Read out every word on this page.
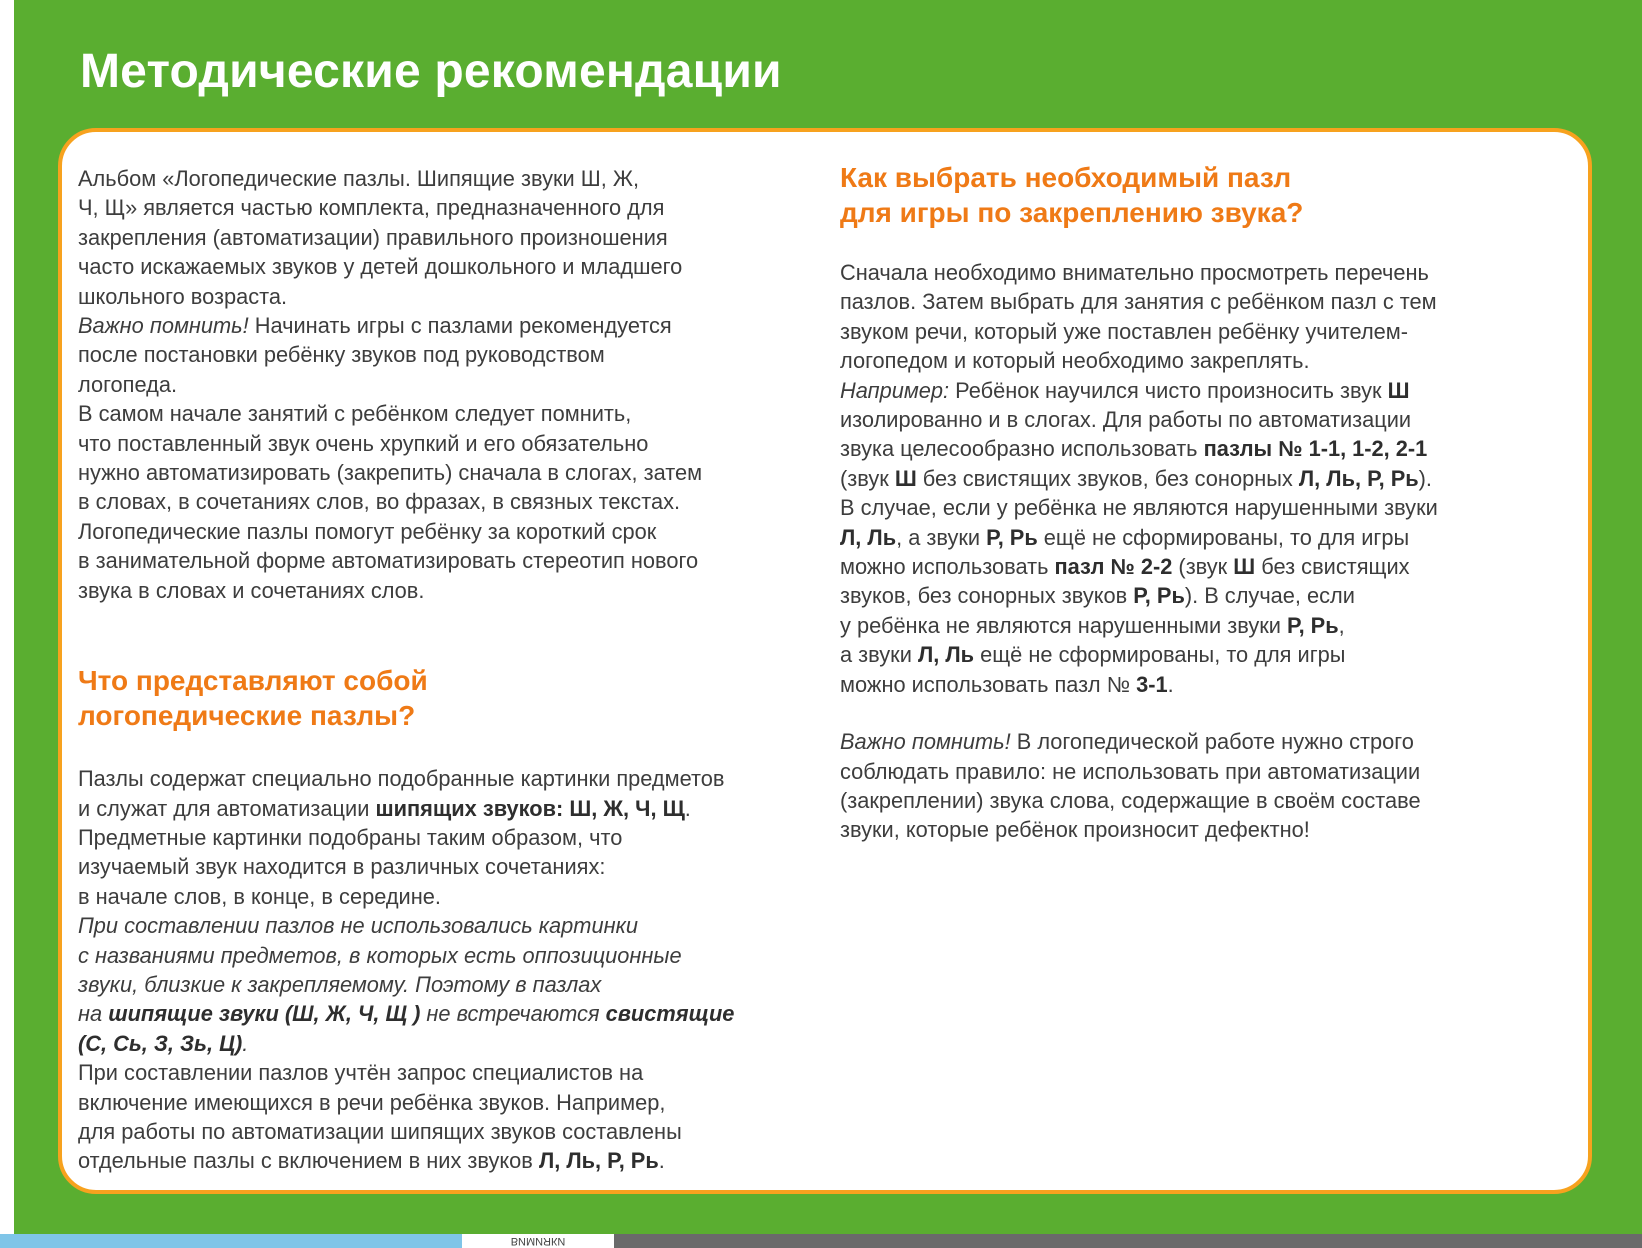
Методические рекомендации

Альбом «Логопедические пазлы. Шипящие звуки Ш, Ж,
Ч, Щ» является частью комплекта, предназначенного для
закрепления (автоматизации) правильного произношения
часто искажаемых звуков у детей дошкольного и младшего
школьного возраста.

Важно помнить! Начинать игры с пазлами рекомендуется
после постановки ребёнку звуков под руководством
логопеда.

В самом начале занятий с ребёнком следует помнить,
что поставленный звук очень хрупкий и его обязательно
нужно автоматизировать (закрепить) сначала в слогах, затем
в словах, в сочетаниях слов, во фразах, в связных текстах.
Логопедические пазлы помогут ребёнку за короткий срок
в занимательной форме автоматизировать стереотип нового
звука в словах и сочетаниях слов.

Что представляют собой
логопедические пазлы?

Пазлы содержат специально подобранные картинки предметов
и служат для автоматизации шипящих звуков: Ш, Ж, Ч, Щ.
Предметные картинки подобраны таким образом, что
изучаемый звук находится в различных сочетаниях:
в начале слов, в конце, в середине.

При составлении пазлов не использовались картинки
с названиями предметов, в которых есть оппозиционные
звуки, близкие к закрепляемому. Поэтому в пазлах
на шипящие звуки (Ш, Ж, Ч, Щ ) не встречаются свистящие
(С, Сь, З, Зь, Ц).

При составлении пазлов учтён запрос специалистов на
включение имеющихся в речи ребёнка звуков. Например,
для работы по автоматизации шипящих звуков составлены
отдельные пазлы с включением в них звуков Л, Ль, Р, Рь.

Как выбрать необходимый пазл
для игры по закреплению звука?

Сначала необходимо внимательно просмотреть перечень
пазлов. Затем выбрать для занятия с ребёнком пазл с тем
звуком речи, который уже поставлен ребёнку учителем-
логопедом и который необходимо закреплять.

Например: Ребёнок научился чисто произносить звук Ш
изолированно и в слогах. Для работы по автоматизации
звука целесообразно использовать пазлы № 1-1, 1-2, 2-1
(звук Ш без свистящих звуков, без сонорных Л, Ль, Р, Рь).
В случае, если у ребёнка не являются нарушенными звуки
Л, Ль, а звуки Р, Рь ещё не сформированы, то для игры
можно использовать пазл № 2-2 (звук Ш без свистящих
звуков, без сонорных звуков Р, Рь). В случае, если
у ребёнка не являются нарушенными звуки Р, Рь,
а звуки Л, Ль ещё не сформированы, то для игры
можно использовать пазл № 3-1.

Важно помнить! В логопедической работе нужно строго
соблюдать правило: не использовать при автоматизации
(закреплении) звука слова, содержащие в своём составе
звуки, которые ребёнок произносит дефектно!

ВИМИЯКИ
